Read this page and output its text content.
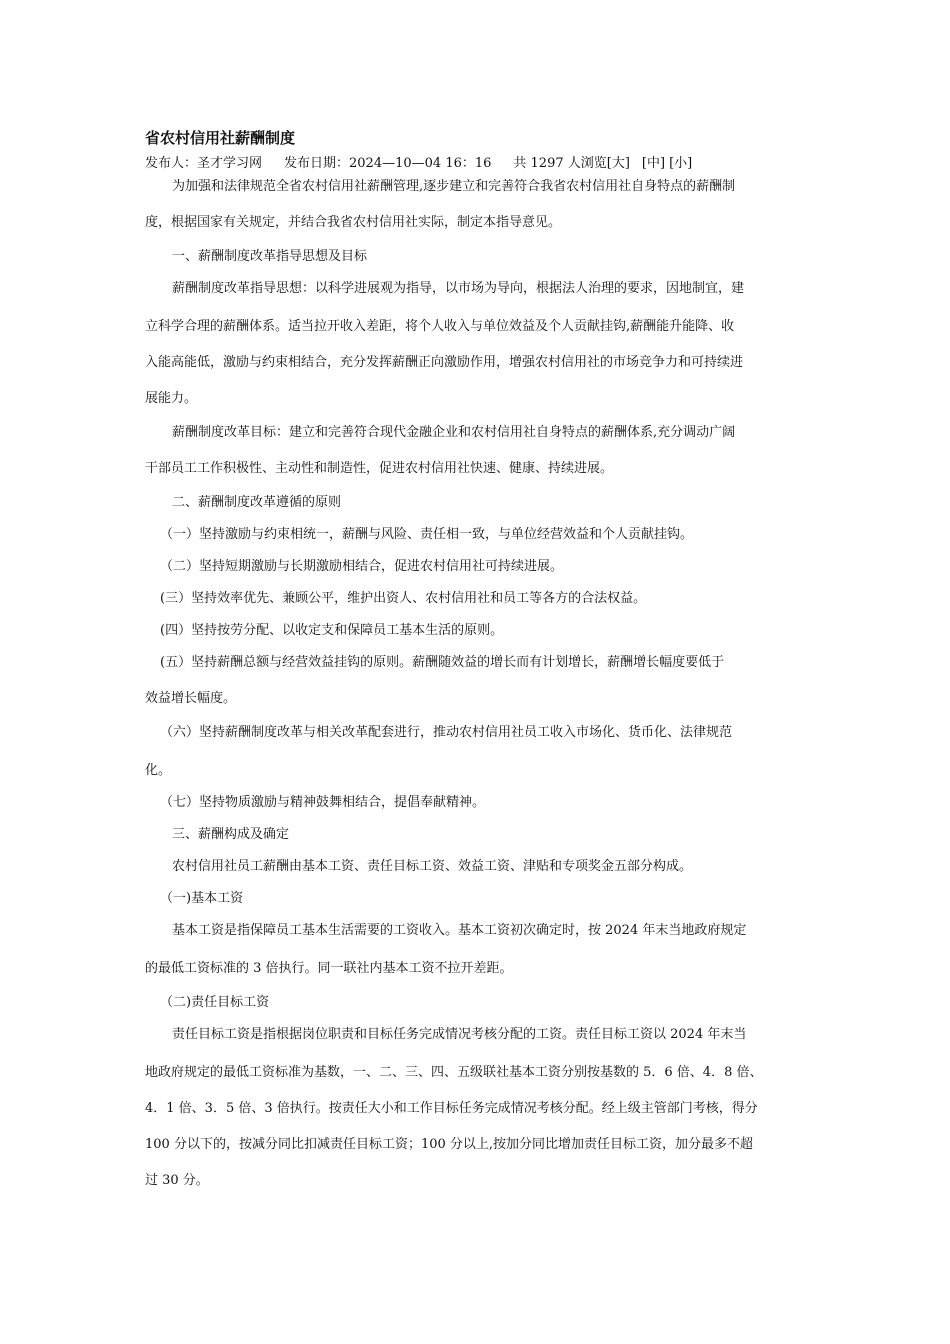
省农村信用社薪酬制度
发布人：圣才学习网 发布日期：2024—10—04 16：16 共 1297 人浏览[大] [中] [小]
为加强和法律规范全省农村信用社薪酬管理,逐步建立和完善符合我省农村信用社自身特点的薪酬制
度，根据国家有关规定，并结合我省农村信用社实际，制定本指导意见。
一、薪酬制度改革指导思想及目标
薪酬制度改革指导思想：以科学进展观为指导，以市场为导向，根据法人治理的要求，因地制宜，建
立科学合理的薪酬体系。适当拉开收入差距，将个人收入与单位效益及个人贡献挂钩,薪酬能升能降、收
入能高能低，激励与约束相结合，充分发挥薪酬正向激励作用，增强农村信用社的市场竞争力和可持续进
展能力。
薪酬制度改革目标：建立和完善符合现代金融企业和农村信用社自身特点的薪酬体系,充分调动广阔
干部员工工作积极性、主动性和制造性，促进农村信用社快速、健康、持续进展。
二、薪酬制度改革遵循的原则
（一）坚持激励与约束相统一，薪酬与风险、责任相一致，与单位经营效益和个人贡献挂钩。
（二）坚持短期激励与长期激励相结合，促进农村信用社可持续进展。
(三）坚持效率优先、兼顾公平，维护出资人、农村信用社和员工等各方的合法权益。
(四）坚持按劳分配、以收定支和保障员工基本生活的原则。
(五）坚持薪酬总额与经营效益挂钩的原则。薪酬随效益的增长而有计划增长，薪酬增长幅度要低于
效益增长幅度。
（六）坚持薪酬制度改革与相关改革配套进行，推动农村信用社员工收入市场化、货币化、法律规范
化。
（七）坚持物质激励与精神鼓舞相结合，提倡奉献精神。
三、薪酬构成及确定
农村信用社员工薪酬由基本工资、责任目标工资、效益工资、津贴和专项奖金五部分构成。
（一)基本工资
基本工资是指保障员工基本生活需要的工资收入。基本工资初次确定时，按 2024 年末当地政府规定
的最低工资标准的 3 倍执行。同一联社内基本工资不拉开差距。
（二)责任目标工资
责任目标工资是指根据岗位职责和目标任务完成情况考核分配的工资。责任目标工资以 2024 年末当
地政府规定的最低工资标准为基数，一、二、三、四、五级联社基本工资分别按基数的 5．6 倍、4．8 倍、
4．1 倍、3．5 倍、3 倍执行。按责任大小和工作目标任务完成情况考核分配。经上级主管部门考核，得分
100 分以下的，按减分同比扣减责任目标工资；100 分以上,按加分同比增加责任目标工资，加分最多不超
过 30 分。
